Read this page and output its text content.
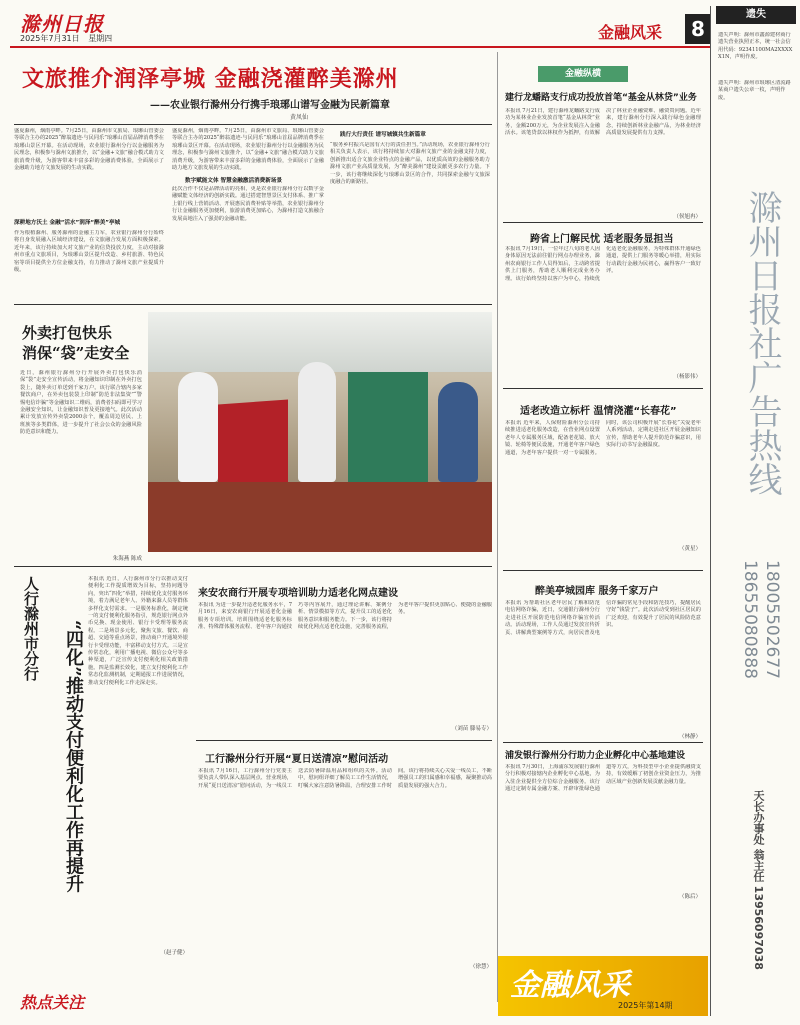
滁州日报
2025年7月31日 星期四	金融风采	8
文旅推介润泽亭城 金融浇灌醉美滁州
——农业银行滁州分行携手琅琊山谱写金融为民新篇章
黄凤仙
盛夏滁州，烟雨亭畔。7月25日，由滁州市文旅局、琅琊山管委会等联合主办的2025“醉翁遗迹·与民同乐”琅琊山首届品牌消费季在琅琊山景区开幕。在活动现场，农业银行滁州分行以金融服务为民理念，积极参与滁州文旅推介，以“金融+文旅”融合模式助力文旅消费升级，为游客带来丰富多彩的金融消费体验，全面展示了金融助力地方文旅发展的生动实践。
深耕地方沃土 金融“活水”润泽“醉美”亭城
作为根植滁州、服务滁州的金融主力军，农业银行滁州分行始终将自身发展融入区域经济建设，在文旅融合发展方面积极探索。近年来，该行持续加大对文旅产业的信贷投放力度，主动对接滁州市重点文旅项目，为琅琊山景区提升改造、乡村旅游、特色民宿等项目提供全方位金融支持，有力推动了滁州文旅产业提质升级。
盛夏滁州，烟雨亭畔。7月25日，由滁州市文旅局、琅琊山管委会等联合主办的2025“醉翁遗迹·与民同乐”琅琊山首届品牌消费季在琅琊山景区开幕。在活动现场，农业银行滁州分行以金融服务为民理念，积极参与滁州文旅推介，以“金融+文旅”融合模式助力文旅消费升级，为游客带来丰富多彩的金融消费体验，全面展示了金融助力地方文旅发展的生动实践。
数字赋能文体 智慧金融激活消费新场景
此次合作不仅是品牌活动的亮相，更是农业银行滁州分行以数字金融赋能文体经济的创新实践。通过搭建智慧景区支付体系、推广掌上银行线上营销活动、开展惠民消费补贴等举措，农业银行滁州分行让金融服务更加便利，旅游消费更加贴心，为滁州打造文旅融合发展高地注入了强劲的金融动能。
践行大行责任 谱写城镇共生新篇章
“服务乡村振兴是国有大行的责任担当。”活动现场，农业银行滁州分行相关负责人表示，该行将持续加大对滁州文旅产业的金融支持力度，创新推出适合文旅企业特点的金融产品，以优质高效的金融服务助力滁州文旅产业高质量发展，为“醉美滁州”建设贡献更多农行力量。下一步，该行将继续深化与琅琊山景区的合作，共同探索金融与文旅深度融合的新路径。
外卖打包快乐
消保“袋”走安全
近日，滁州银行滁州分行开展外卖打包快乐消保“袋”走安全宣传活动，将金融知识印制在外卖打包袋上，随外卖订单送到千家万户。该行联合辖内多家餐饮商户，在外卖包装袋上印制“防范非法集资”“警惕电信诈骗”等金融知识二维码，消费者扫码即可学习金融安全知识，让金融知识普及更接地气。此次活动累计发放宣传外卖袋2000余个，覆盖周边居民、上班族等多类群体，进一步提升了社会公众的金融风险防范意识和能力。
朱海燕 陈成
人行滁州市分行	“四化”推动支付便利化工作再提升
本报讯 近日，人行滁州市分行以推动支付便利化工作提质增效为目标，坚持问题导向，突出“四化”举措，持续优化支付服务环境，着力满足老年人、外籍来滁人员等群体多样化支付需求。一是服务标准化，制定统一的支付便利化服务指引，规范银行网点外币兑换、现金使用、银行卡受理等服务流程。二是场景多元化，聚焦文旅、餐饮、商超、交通等重点场景，推动商户开通境外银行卡受理功能，丰富移动支付方式。三是宣传常态化，利用广播电视、微信公众号等多种渠道，广泛宣传支付便利化相关政策措施。四是监测长效化，建立支付便利化工作常态化监测机制，定期通报工作进展情况，推动支付便利化工作走深走实。
（赵子健）
来安农商行开展专项培训助力适老化网点建设
本报讯 为进一步提升适老化服务水平，7月16日，来安农商银行开展适老化金融服务专项培训。培训围绕适老化服务标准、特殊群体服务流程、老年客户沟通技巧等内容展开，通过理论讲解、案例分析、情景模拟等方式，提升员工的适老化服务意识和服务能力。下一步，该行将持续优化网点适老化设施，完善服务流程，为老年客户提供更加贴心、便捷的金融服务。
（刘苗 滕易专）
工行滁州分行开展“夏日送清凉”慰问活动
本报讯 7月16日，工行滁州分行党委主要负责人带队深入基层网点、营业现场，开展“夏日送清凉”慰问活动，为一线员工送去防暑降温用品和组织的关怀。活动中，慰问组详细了解员工工作生活情况，叮嘱大家注意防暑降温，合理安排工作时间。该行将持续关心关爱一线员工，不断增强员工的归属感和幸福感，凝聚推动高质量发展的强大合力。
（徐慧）
金融纵横
建行龙蟠路支行成功投放首笔“基金从林贷”业务
本报讯 7月21日，建行滁州龙蟠路支行成功为某林业企业发放首笔“基金从林贷”业务，金额200万元，为企业发展注入金融活水。该笔贷款以林权作为抵押，有效解决了林业企业融资难、融资贵问题。近年来，建行滁州分行深入践行绿色金融理念，持续创新林业金融产品，为林业经济高质量发展提供有力支撑。
（侯旭冉）
跨省上门解民忧 适老服务显担当
本报讯 7月19日，一位年过八旬的老人因身体原因无法前往银行网点办理业务，滁州农商银行工作人员得知后，主动跨省提供上门服务，帮助老人顺利完成业务办理。该行始终坚持以客户为中心，持续优化适老化金融服务，为特殊群体开通绿色通道，提供上门服务等暖心举措，用实际行动践行金融为民初心，赢得客户一致好评。
（杨影伟）
适老改造立标杆 温情浇灌“长春花”
本报讯 近年来，人保财险滁州分公司持续推进适老化服务改造，在营业网点设置老年人专属服务区域，配备老花镜、放大镜、轮椅等便民设施，开通老年客户绿色通道，为老年客户提供一对一专属服务。同时，该公司积极开展“长春花”关爱老年人系列活动，定期走进社区开展金融知识宣传，帮助老年人提升防范诈骗意识，用实际行动书写金融温度。
（黄星）
醉美亭城园库 服务千家万户
本报讯 为帮助社区老年居民了解和防范电信网络诈骗，近日，交通银行滁州分行走进社区开展防范电信网络诈骗宣传活动。活动现场，工作人员通过发放宣传折页、讲解典型案例等方式，向居民普及电信诈骗的常见手段和防范技巧，提醒居民守好“钱袋子”。此次活动受到社区居民的广泛欢迎，有效提升了居民的风险防范意识。
（林静）
浦发银行滁州分行助力企业孵化中心基地建设
本报讯 7月30日，上海浦东发展银行滁州分行积极对接辖内企业孵化中心基地，为入驻企业提供全方位综合金融服务。该行通过定制专属金融方案、开辟审批绿色通道等方式，为科技型中小企业提供融资支持，有效缓解了初创企业资金压力，为推动区域产业创新发展贡献金融力量。
（陈后）
遗失
遗失声明：滁州市鑫源建材商行遗失营业执照正本，统一社会信用代码：92341100MA2XXXXX1N，声明作废。
遗失声明：滁州市琅琊区清流路某商户遗失公章一枚，声明作废。
滁州日报社广告热线
18655080888 18005502677
天长办事处 翁主任 13956097038
热点关注	金融风采
2025年第14期
